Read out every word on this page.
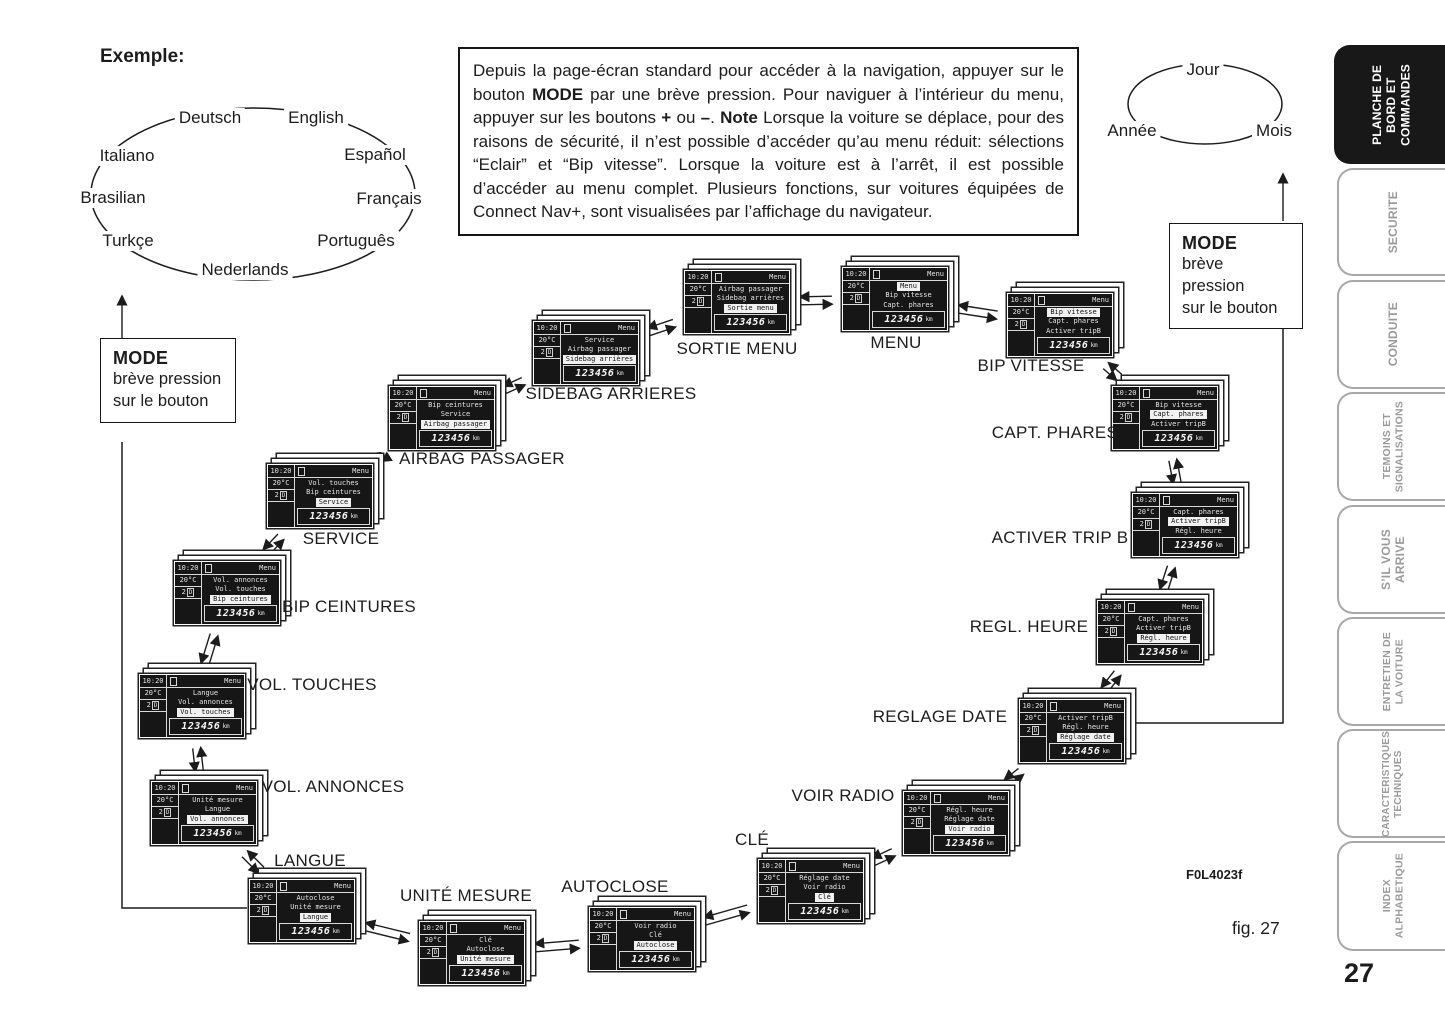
Exemple:
Depuis la page-écran standard pour accéder à la navigation, appuyer sur le bouton MODE par une brève pression. Pour naviguer à l’intérieur du menu, appuyer sur les boutons + ou –. Note Lorsque la voiture se déplace, pour des raisons de sécurité, il n’est possible d’accéder qu’au menu réduit: sélections “Eclair” et “Bip vitesse”. Lorsque la voiture est à l’arrêt, il est possible d’accéder au menu complet. Plusieurs fonctions, sur voitures équipées de Connect Nav+, sont visualisées par l’affichage du navigateur.
MODE
brève pression
sur le bouton
MODE
brève pression
sur le bouton
Deutsch	English
Italiano	Español
Brasilian	Français
Turkçe	Português
Nederlands
Jour
Année	Mois
10:20
20°C
2 D
Menu
Menu
Bip vitesse
Capt. phares
123456 km
MENU
10:20
20°C
2 D
Menu
Bip vitesse
Capt. phares
Activer tripB
123456 km
BIP VITESSE
10:20
20°C
2 D
Menu
Bip vitesse
Capt. phares
Activer tripB
123456 km
CAPT. PHARES
10:20
20°C
2 D
Menu
Capt. phares
Activer tripB
Régl. heure
123456 km
ACTIVER TRIP B
10:20
20°C
2 D
Menu
Capt. phares
Activer tripB
Régl. heure
123456 km
REGL. HEURE
10:20
20°C
2 D
Menu
Activer tripB
Régl. heure
Réglage date
123456 km
REGLAGE DATE
10:20
20°C
2 D
Menu
Régl. heure
Réglage date
Voir radio
123456 km
VOIR RADIO
10:20
20°C
2 D
Menu
Réglage date
Voir radio
Clé
123456 km
CLÉ
10:20
20°C
2 D
Menu
Voir radio
Clé
Autoclose
123456 km
AUTOCLOSE
10:20
20°C
2 D
Menu
Clé
Autoclose
Unité mesure
123456 km
UNITÉ MESURE
10:20
20°C
2 D
Menu
Autoclose
Unité mesure
Langue
123456 km
LANGUE
10:20
20°C
2 D
Menu
Unité mesure
Langue
Vol. annonces
123456 km
VOL. ANNONCES
10:20
20°C
2 D
Menu
Langue
Vol. annonces
Vol. touches
123456 km
VOL. TOUCHES
10:20
20°C
2 D
Menu
Vol. annonces
Vol. touches
Bip ceintures
123456 km BIP CEINTURES
10:20
20°C
2 D
Menu
Vol. touches
Bip ceintures
Service
123456 km
SERVICE
10:20
20°C
2 D
Menu
Bip ceintures
Service
Airbag passager
123456 km
AIRBAG PASSAGER
10:20
20°C
2 D
Menu
Service
Airbag passager
Sidebag arrières
123456 km
SIDEBAG ARRIERES
10:20
20°C
2 D
Menu
Airbag passager
Sidebag arrières
Sortie menu
123456 km
SORTIE MENU
PLANCHE DE BORD ET COMMANDES
SECURITE
CONDUITE
TEMOINS ET SIGNALISATIONS
S’IL VOUS ARRIVE
ENTRETIEN DE LA VOITURE
CARACTERISTIQUES TECHNIQUES
INDEX ALPHABETIQUE
F0L4023f
fig. 27
27
